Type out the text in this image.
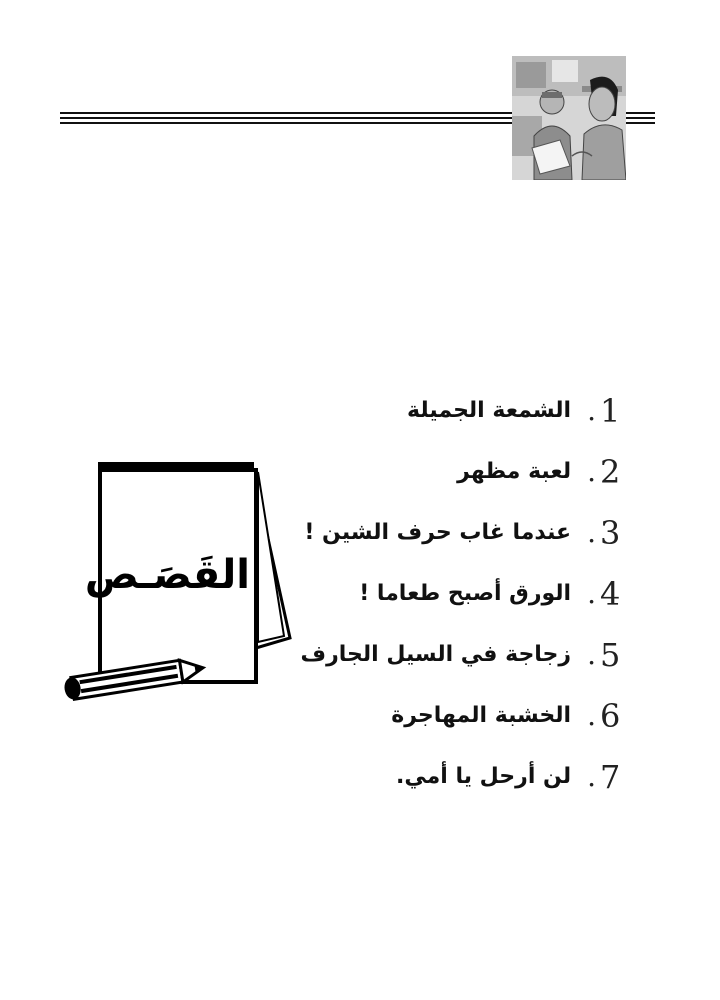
القَصَـص
1
.
الشمعة الجميلة
2
.
لعبة مظهر
3
.
عندما غاب حرف الشين !
4
.
الورق أصبح طعاما !
5
.
زجاجة في السيل الجارف
6
.
الخشبة المهاجرة
7
.
لن أرحل يا أمي.
